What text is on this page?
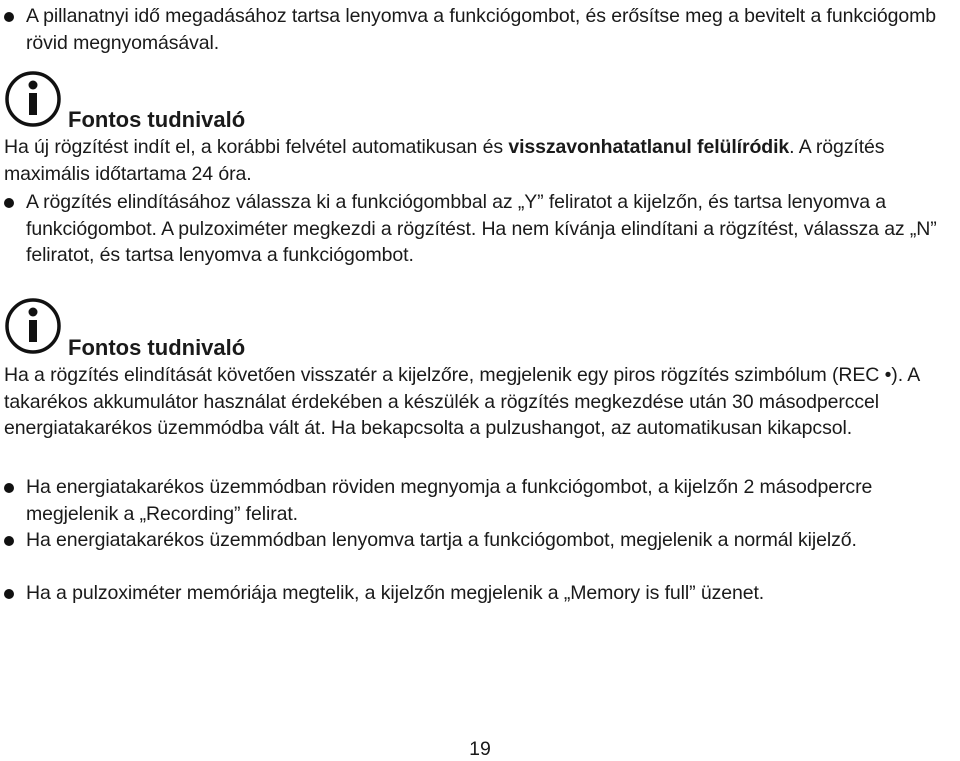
A pillanatnyi idő megadásához tartsa lenyomva a funkciógombot, és erősítse meg a bevitelt a funkciógomb rövid megnyomásával.
Fontos tudnivaló
Ha új rögzítést indít el, a korábbi felvétel automatikusan és visszavonhatatlanul felülíródik. A rögzítés maximális időtartama 24 óra.
A rögzítés elindításához válassza ki a funkciógombbal az „Y” feliratot a kijelzőn, és tartsa lenyomva a funkciógombot. A pulzoximéter megkezdi a rögzítést. Ha nem kívánja elindítani a rögzítést, válassza az „N” feliratot, és tartsa lenyomva a funkciógombot.
Fontos tudnivaló
Ha a rögzítés elindítását követően visszatér a kijelzőre, megjelenik egy piros rögzítés szimbólum (REC •). A takarékos akkumulátor használat érdekében a készülék a rögzítés megkezdése után 30 másodperccel energiatakarékos üzemmódba vált át. Ha bekapcsolta a pulzushangot, az automatikusan kikapcsol.
Ha energiatakarékos üzemmódban röviden megnyomja a funkciógombot, a kijelzőn 2 másodpercre megjelenik a „Recording” felirat.
Ha energiatakarékos üzemmódban lenyomva tartja a funkciógombot, megjelenik a normál kijelző.
Ha a pulzoximéter memóriája megtelik, a kijelzőn megjelenik a „Memory is full” üzenet.
19
